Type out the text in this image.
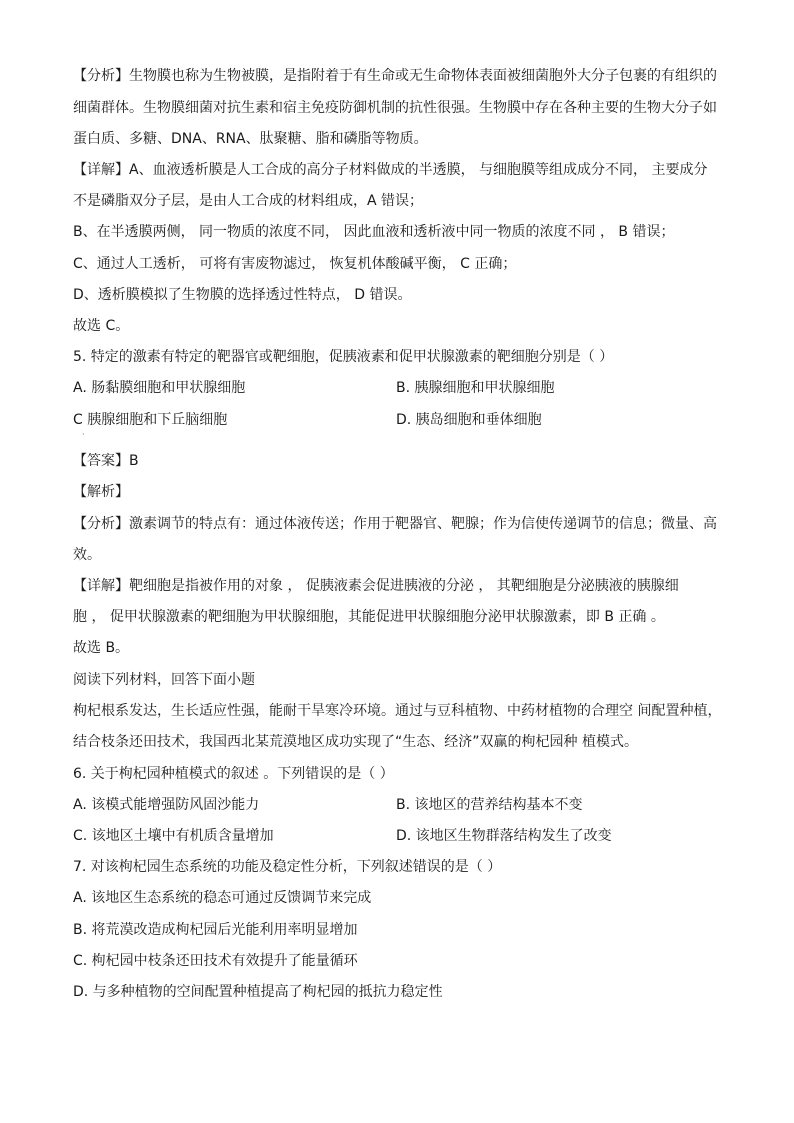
【分析】生物膜也称为生物被膜，是指附着于有生命或无生命物体表面被细菌胞外大分子包裹的有组织的
细菌群体。生物膜细菌对抗生素和宿主免疫防御机制的抗性很强。生物膜中存在各种主要的生物大分子如
蛋白质、多糖、DNA、RNA、肽聚糖、脂和磷脂等物质。
【详解】A、血液透析膜是人工合成的高分子材料做成的半透膜， 与细胞膜等组成成分不同， 主要成分
不是磷脂双分子层，是由人工合成的材料组成，A 错误；
B、在半透膜两侧， 同一物质的浓度不同， 因此血液和透析液中同一物质的浓度不同 ， B 错误；
C、通过人工透析， 可将有害废物滤过， 恢复机体酸碱平衡， C 正确；
D、透析膜模拟了生物膜的选择透过性特点， D 错误。
故选 C。
5. 特定的激素有特定的靶器官或靶细胞，促胰液素和促甲状腺激素的靶细胞分别是（ ）
A. 肠黏膜细胞和甲状腺细胞	B. 胰腺细胞和甲状腺细胞
C 胰腺细胞和下丘脑细胞	D. 胰岛细胞和垂体细胞
·
【答案】B
【解析】
【分析】激素调节的特点有：通过体液传送；作用于靶器官、靶腺；作为信使传递调节的信息；微量、高
效。
【详解】靶细胞是指被作用的对象 ， 促胰液素会促进胰液的分泌 ， 其靶细胞是分泌胰液的胰腺细
胞 ， 促甲状腺激素的靶细胞为甲状腺细胞，其能促进甲状腺细胞分泌甲状腺激素，即 B 正确 。
故选 B。
阅读下列材料，回答下面小题
枸杞根系发达，生长适应性强，能耐干旱寒冷环境。通过与豆科植物、中药材植物的合理空 间配置种植，
结合枝条还田技术，我国西北某荒漠地区成功实现了“生态、经济”双赢的枸杞园种 植模式。
6. 关于枸杞园种植模式的叙述 。下列错误的是（ ）
A. 该模式能增强防风固沙能力	B. 该地区的营养结构基本不变
C. 该地区土壤中有机质含量增加	D. 该地区生物群落结构发生了改变
7. 对该枸杞园生态系统的功能及稳定性分析，下列叙述错误的是（ ）
A. 该地区生态系统的稳态可通过反馈调节来完成
B. 将荒漠改造成枸杞园后光能利用率明显增加
C. 枸杞园中枝条还田技术有效提升了能量循环
D. 与多种植物的空间配置种植提高了枸杞园的抵抗力稳定性
